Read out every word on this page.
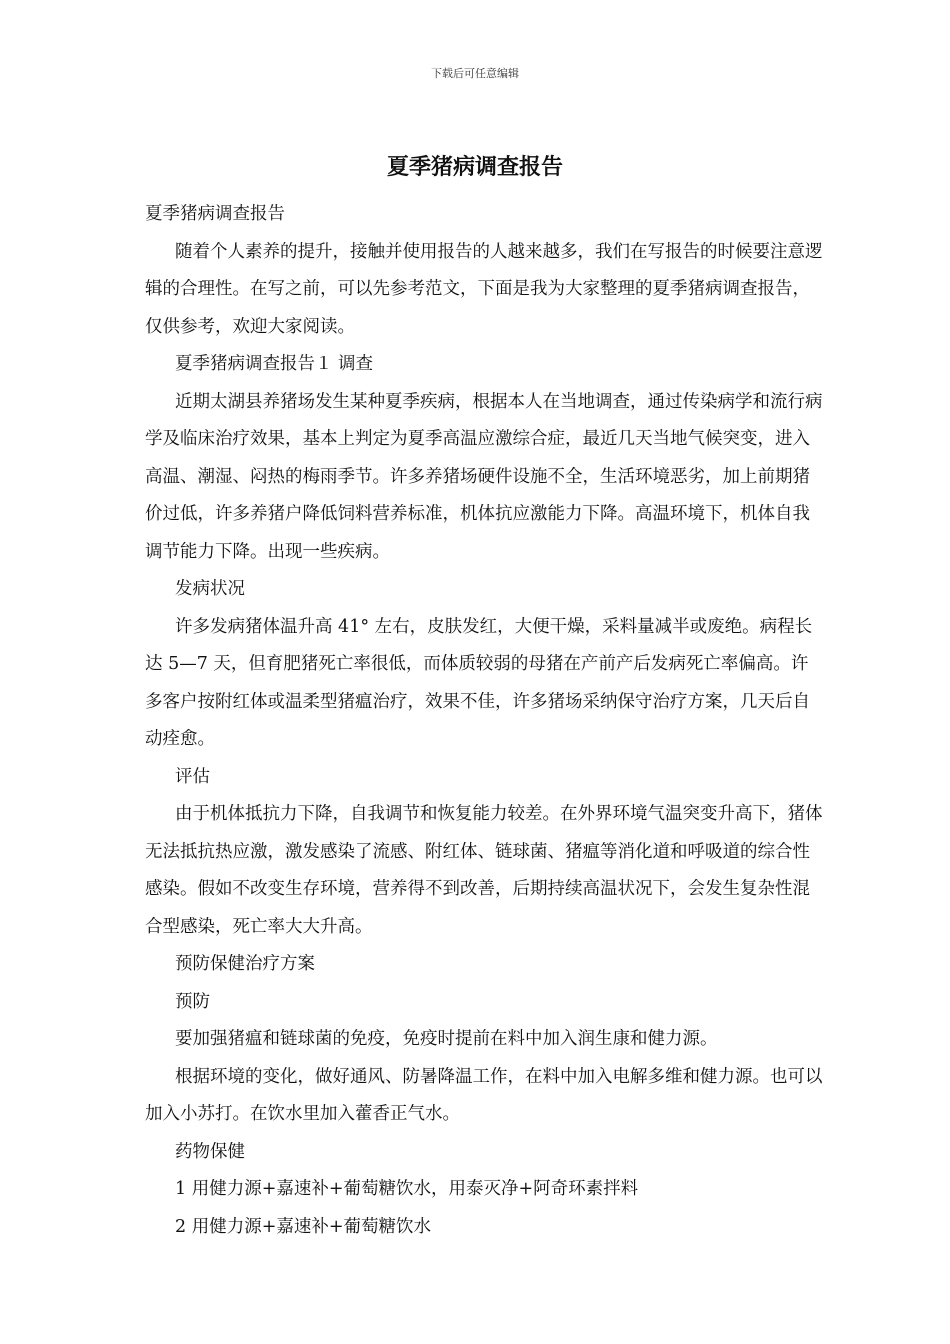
下载后可任意编辑
夏季猪病调查报告

夏季猪病调查报告

随着个人素养的提升，接触并使用报告的人越来越多，我们在写报告的时候要注意逻辑的合理性。在写之前，可以先参考范文，下面是我为大家整理的夏季猪病调查报告，仅供参考，欢迎大家阅读。

夏季猪病调查报告１ 调查

近期太湖县养猪场发生某种夏季疾病，根据本人在当地调查，通过传染病学和流行病学及临床治疗效果，基本上判定为夏季高温应激综合症，最近几天当地气候突变，进入高温、潮湿、闷热的梅雨季节。许多养猪场硬件设施不全，生活环境恶劣，加上前期猪价过低，许多养猪户降低饲料营养标准，机体抗应激能力下降。高温环境下，机体自我调节能力下降。出现一些疾病。

发病状况

许多发病猪体温升高 41° 左右，皮肤发红，大便干燥，采料量减半或废绝。病程长达 5—7 天，但育肥猪死亡率很低，而体质较弱的母猪在产前产后发病死亡率偏高。许多客户按附红体或温柔型猪瘟治疗，效果不佳，许多猪场采纳保守治疗方案，几天后自动痊愈。

评估

由于机体抵抗力下降，自我调节和恢复能力较差。在外界环境气温突变升高下，猪体无法抵抗热应激，激发感染了流感、附红体、链球菌、猪瘟等消化道和呼吸道的综合性感染。假如不改变生存环境，营养得不到改善，后期持续高温状况下，会发生复杂性混合型感染，死亡率大大升高。

预防保健治疗方案

预防

要加强猪瘟和链球菌的免疫，免疫时提前在料中加入润生康和健力源。

根据环境的变化，做好通风、防暑降温工作，在料中加入电解多维和健力源。也可以加入小苏打。在饮水里加入藿香正气水。

药物保健

1 用健力源+嘉速补+葡萄糖饮水，用泰灭净+阿奇环素拌料

2 用健力源+嘉速补+葡萄糖饮水
